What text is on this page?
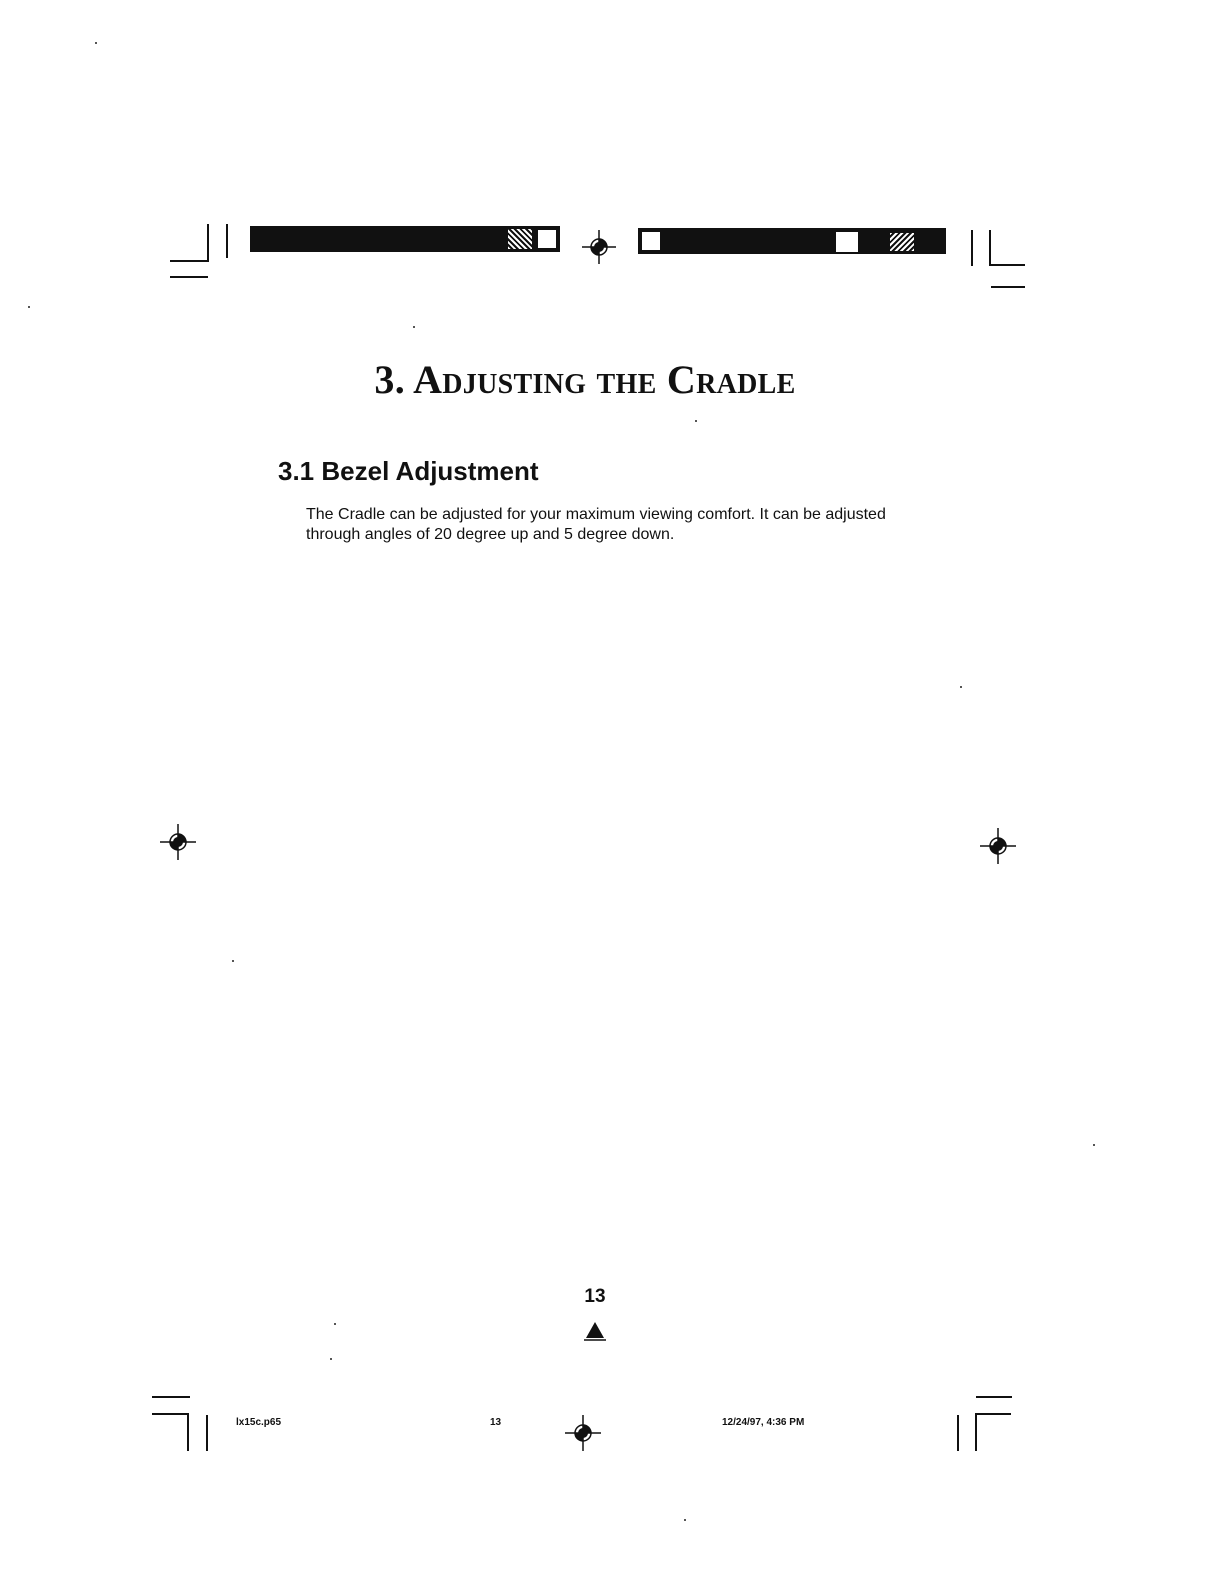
3. Adjusting the Cradle
3.1 Bezel Adjustment
The Cradle can be adjusted for your maximum viewing comfort. It can be adjusted through angles of 20 degree up and 5 degree down.
13
lx15c.p65	13	12/24/97, 4:36 PM
